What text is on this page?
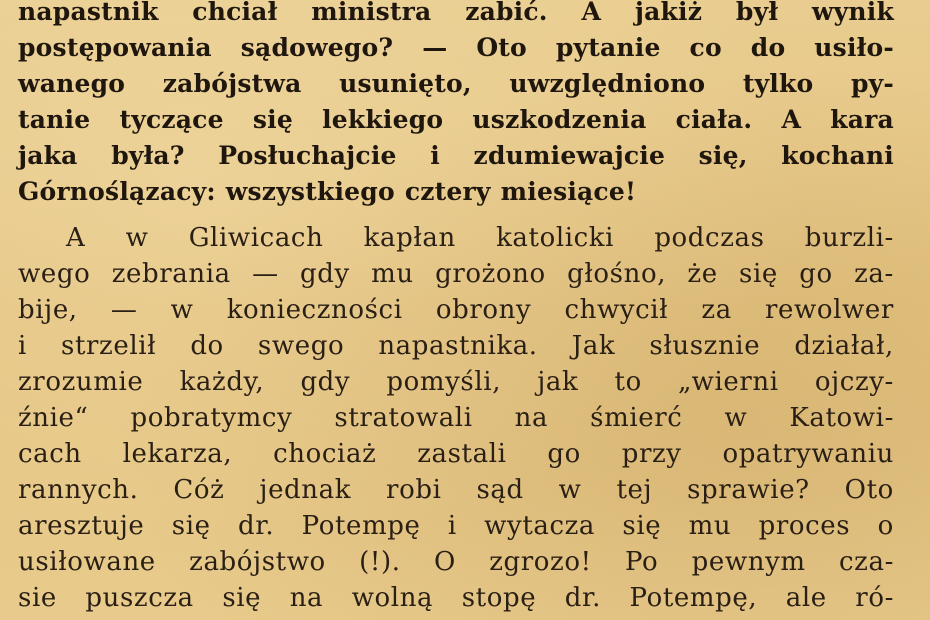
napastnik chciał ministra zabić. A jakiż był wynik
postępowania sądowego? — Oto pytanie co do usiło-
wanego zabójstwa usunięto, uwzględniono tylko py-
tanie tyczące się lekkiego uszkodzenia ciała. A kara
jaka była? Posłuchajcie i zdumiewajcie się, kochani
Górnoślązacy: wszystkiego cztery miesiące!
A w Gliwicach kapłan katolicki podczas burzli-
wego zebrania — gdy mu grożono głośno, że się go za-
bije, — w konieczności obrony chwycił za rewolwer
i strzelił do swego napastnika. Jak słusznie działał,
zrozumie każdy, gdy pomyśli, jak to „wierni ojczy-
źnie“ pobratymcy stratowali na śmierć w Katowi-
cach lekarza, chociaż zastali go przy opatrywaniu
rannych. Cóż jednak robi sąd w tej sprawie? Oto
aresztuje się dr. Potempę i wytacza się mu proces o
usiłowane zabójstwo (!). O zgrozo! Po pewnym cza-
sie puszcza się na wolną stopę dr. Potempę, ale ró-
